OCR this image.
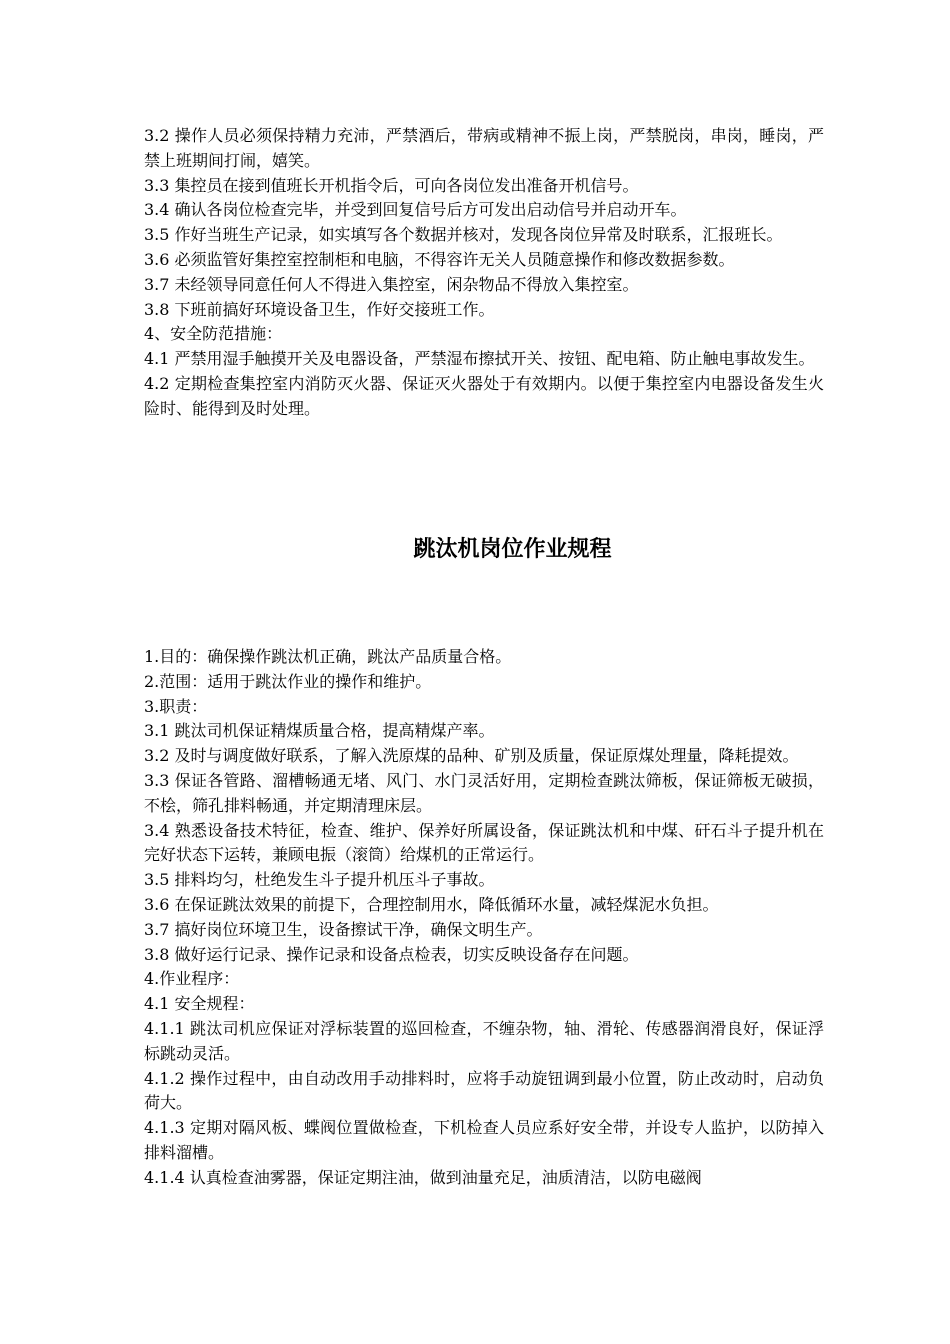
3.2 操作人员必须保持精力充沛，严禁酒后，带病或精神不振上岗，严禁脱岗，串岗，睡岗，严禁上班期间打闹，嬉笑。

3.3 集控员在接到值班长开机指令后，可向各岗位发出准备开机信号。

3.4 确认各岗位检查完毕，并受到回复信号后方可发出启动信号并启动开车。

3.5 作好当班生产记录，如实填写各个数据并核对，发现各岗位异常及时联系，汇报班长。

3.6 必须监管好集控室控制柜和电脑，不得容许无关人员随意操作和修改数据参数。

3.7 未经领导同意任何人不得进入集控室，闲杂物品不得放入集控室。

3.8 下班前搞好环境设备卫生，作好交接班工作。

4、安全防范措施：

4.1 严禁用湿手触摸开关及电器设备，严禁湿布擦拭开关、按钮、配电箱、防止触电事故发生。

4.2 定期检查集控室内消防灭火器、保证灭火器处于有效期内。以便于集控室内电器设备发生火险时、能得到及时处理。

跳汰机岗位作业规程

1.目的：确保操作跳汰机正确，跳汰产品质量合格。

2.范围：适用于跳汰作业的操作和维护。

3.职责：

3.1 跳汰司机保证精煤质量合格，提高精煤产率。

3.2 及时与调度做好联系，了解入洗原煤的品种、矿别及质量，保证原煤处理量，降耗提效。

3.3 保证各管路、溜槽畅通无堵、风门、水门灵活好用，定期检查跳汰筛板，保证筛板无破损，不桧，筛孔排料畅通，并定期清理床层。

3.4 熟悉设备技术特征，检查、维护、保养好所属设备，保证跳汰机和中煤、矸石斗子提升机在完好状态下运转，兼顾电振（滚筒）给煤机的正常运行。

3.5 排料均匀，杜绝发生斗子提升机压斗子事故。

3.6 在保证跳汰效果的前提下，合理控制用水，降低循环水量，减轻煤泥水负担。

3.7 搞好岗位环境卫生，设备擦试干净，确保文明生产。

3.8 做好运行记录、操作记录和设备点检表，切实反映设备存在问题。

4.作业程序：

4.1 安全规程：

4.1.1 跳汰司机应保证对浮标装置的巡回检查，不缠杂物，轴、滑轮、传感器润滑良好，保证浮标跳动灵活。

4.1.2 操作过程中，由自动改用手动排料时，应将手动旋钮调到最小位置，防止改动时，启动负荷大。

4.1.3 定期对隔风板、蝶阀位置做检查，下机检查人员应系好安全带，并设专人监护，以防掉入排料溜槽。

4.1.4 认真检查油雾器，保证定期注油，做到油量充足，油质清洁，以防电磁阀
